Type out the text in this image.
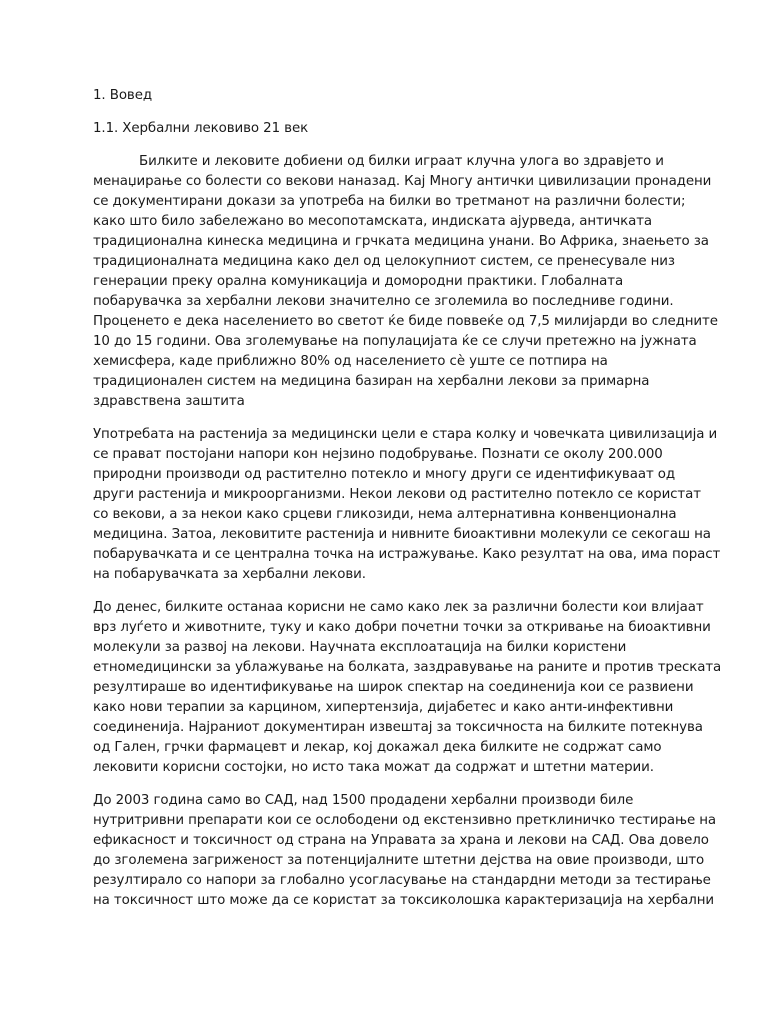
1. Вовед
1.1. Хербални лековиво 21 век
Билките и лековите добиени од билки играат клучна улога во здравјето и
менаџирање со болести со векови наназад. Кај Многу антички цивилизации пронадени
се документирани докази за употреба на билки во третманот на различни болести;
како што било забележано во месопотамската, индиската ајурведа, античката
традиционална кинеска медицина и грчката медицина унани. Во Африка, знаењето за
традиционалната медицина како дел од целокупниот систем, се пренесувале низ
генерации преку орална комуникација и домородни практики. Глобалната
побарувачка за хербални лекови значително се зголемила во последниве години.
Проценето е дека населението во светот ќе биде поввеќе од 7,5 милијарди во следните
10 до 15 години. Ова зголемување на популацијата ќе се случи претежно на јужната
хемисфера, каде приближно 80% од населението сè уште се потпира на
традиционален систем на медицина базиран на хербални лекови за примарна
здравствена заштита
Употребата на растенија за медицински цели е стара колку и човечката цивилизација и
се прават постојани напори кон нејзино подобрување. Познати се околу 200.000
природни производи од растително потекло и многу други се идентификуваат од
други растенија и микроорганизми. Некои лекови од растително потекло се користат
со векови, а за некои како срцеви гликозиди, нема алтернативна конвенционална
медицина. Затоа, лековитите растенија и нивните биоактивни молекули се секогаш на
побарувачката и се централна точка на истражување. Како резултат на ова, има пораст
на побарувачката за хербални лекови.
До денес, билките останаа корисни не само како лек за различни болести кои влијаат
врз луѓето и животните, туку и како добри почетни точки за откривање на биоактивни
молекули за развој на лекови. Научната експлоатација на билки користени
етномедицински за ублажување на болката, заздравување на раните и против треската
резултираше во идентификување на широк спектар на соединенија кои се развиени
како нови терапии за карцином, хипертензија, дијабетес и како анти-инфективни
соединенија. Најраниот документиран извештај за токсичноста на билките потекнува
од Гален, грчки фармацевт и лекар, кој докажал дека билките не содржат само
лековити корисни состојки, но исто така можат да содржат и штетни материи.
До 2003 година само во САД, над 1500 продадени хербални производи биле
нутритривни препарати кои се ослободени од екстензивно претклиничко тестирање на
ефикасност и токсичност од страна на Управата за храна и лекови на САД. Ова довело
до зголемена загриженост за потенцијалните штетни дејства на овие производи, што
резултирало со напори за глобално усогласување на стандардни методи за тестирање
на токсичност што може да се користат за токсиколошка карактеризација на хербални
